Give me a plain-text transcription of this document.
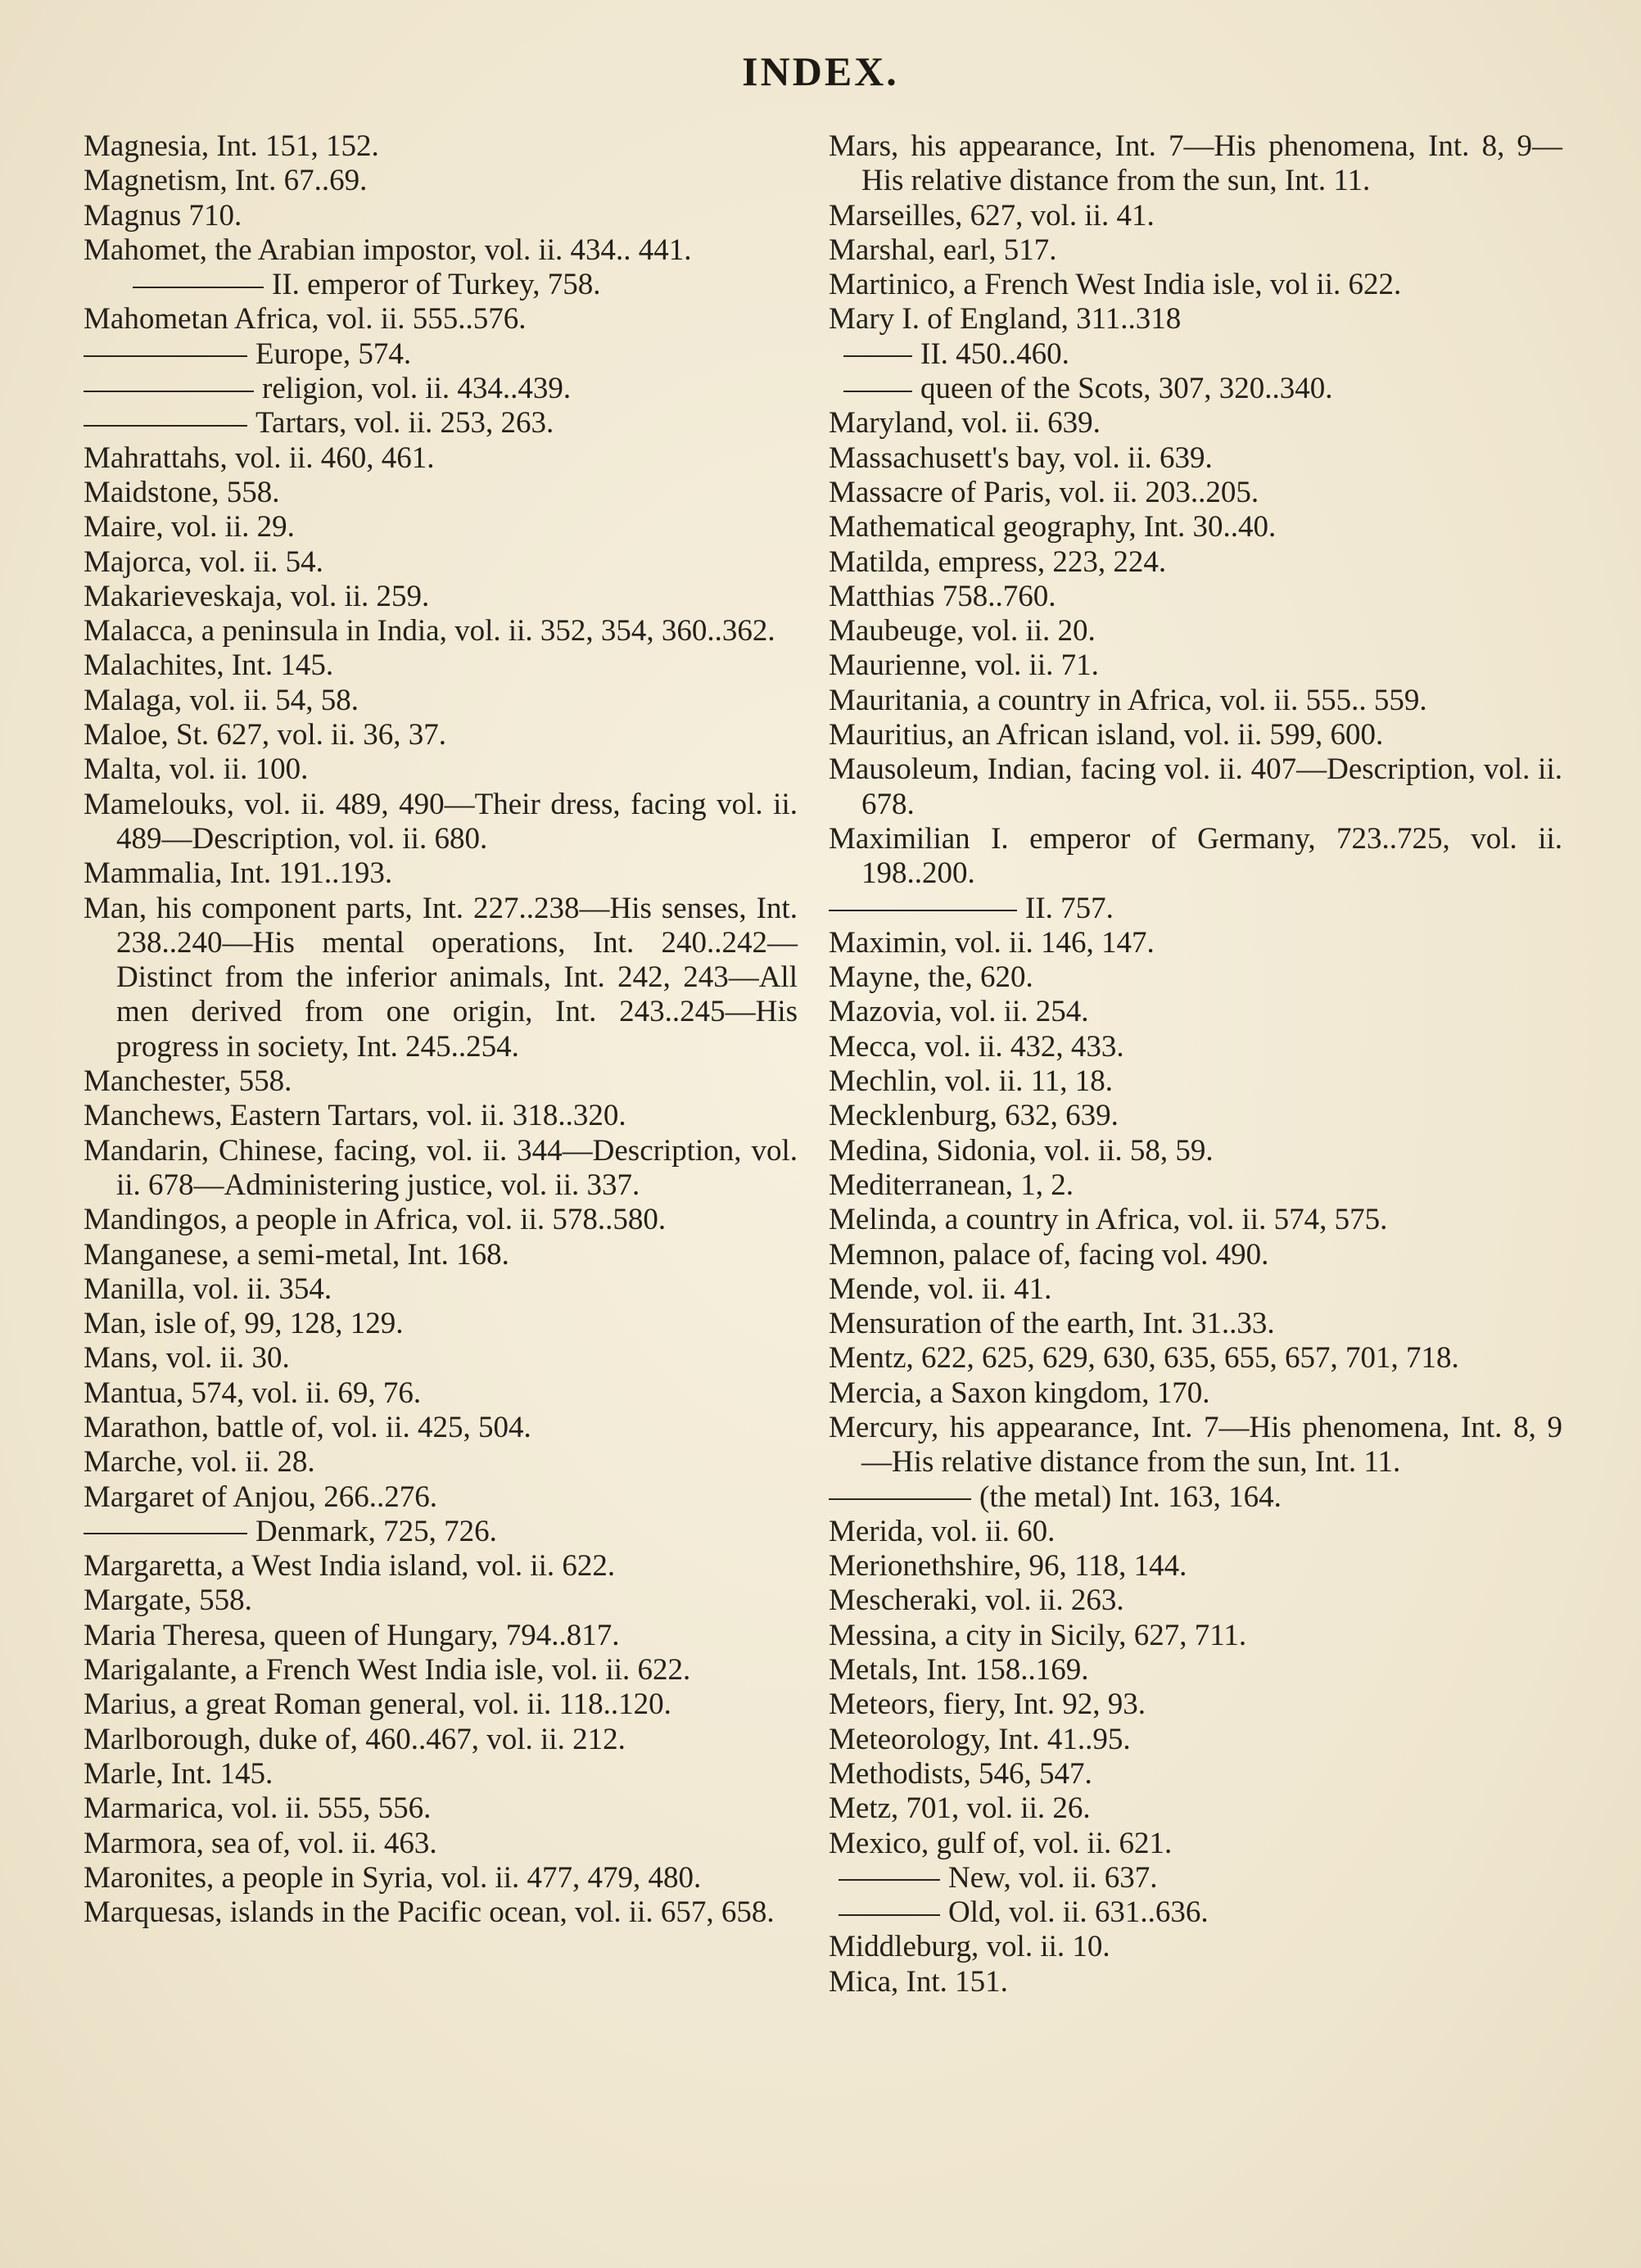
INDEX.
Magnesia, Int. 151, 152.
Magnetism, Int. 67..69.
Magnus 710.
Mahomet, the Arabian impostor, vol. ii. 434.. 441.
II. emperor of Turkey, 758.
Mahometan Africa, vol. ii. 555..576.
Europe, 574.
religion, vol. ii. 434..439.
Tartars, vol. ii. 253, 263.
Mahrattahs, vol. ii. 460, 461.
Maidstone, 558.
Maire, vol. ii. 29.
Majorca, vol. ii. 54.
Makarieveskaja, vol. ii. 259.
Malacca, a peninsula in India, vol. ii. 352, 354, 360..362.
Malachites, Int. 145.
Malaga, vol. ii. 54, 58.
Maloe, St. 627, vol. ii. 36, 37.
Malta, vol. ii. 100.
Mamelouks, vol. ii. 489, 490—Their dress, facing vol. ii. 489—Description, vol. ii. 680.
Mammalia, Int. 191..193.
Man, his component parts, Int. 227..238—His senses, Int. 238..240—His mental operations, Int. 240..242—Distinct from the inferior animals, Int. 242, 243—All men derived from one origin, Int. 243..245—His progress in society, Int. 245..254.
Manchester, 558.
Manchews, Eastern Tartars, vol. ii. 318..320.
Mandarin, Chinese, facing, vol. ii. 344—Description, vol. ii. 678—Administering justice, vol. ii. 337.
Mandingos, a people in Africa, vol. ii. 578..580.
Manganese, a semi-metal, Int. 168.
Manilla, vol. ii. 354.
Man, isle of, 99, 128, 129.
Mans, vol. ii. 30.
Mantua, 574, vol. ii. 69, 76.
Marathon, battle of, vol. ii. 425, 504.
Marche, vol. ii. 28.
Margaret of Anjou, 266..276.
Denmark, 725, 726.
Margaretta, a West India island, vol. ii. 622.
Margate, 558.
Maria Theresa, queen of Hungary, 794..817.
Marigalante, a French West India isle, vol. ii. 622.
Marius, a great Roman general, vol. ii. 118..120.
Marlborough, duke of, 460..467, vol. ii. 212.
Marle, Int. 145.
Marmarica, vol. ii. 555, 556.
Marmora, sea of, vol. ii. 463.
Maronites, a people in Syria, vol. ii. 477, 479, 480.
Marquesas, islands in the Pacific ocean, vol. ii. 657, 658.
Mars, his appearance, Int. 7—His phenomena, Int. 8, 9—His relative distance from the sun, Int. 11.
Marseilles, 627, vol. ii. 41.
Marshal, earl, 517.
Martinico, a French West India isle, vol ii. 622.
Mary I. of England, 311..318
II. 450..460.
queen of the Scots, 307, 320..340.
Maryland, vol. ii. 639.
Massachusett's bay, vol. ii. 639.
Massacre of Paris, vol. ii. 203..205.
Mathematical geography, Int. 30..40.
Matilda, empress, 223, 224.
Matthias 758..760.
Maubeuge, vol. ii. 20.
Maurienne, vol. ii. 71.
Mauritania, a country in Africa, vol. ii. 555.. 559.
Mauritius, an African island, vol. ii. 599, 600.
Mausoleum, Indian, facing vol. ii. 407—Description, vol. ii. 678.
Maximilian I. emperor of Germany, 723..725, vol. ii. 198..200.
II. 757.
Maximin, vol. ii. 146, 147.
Mayne, the, 620.
Mazovia, vol. ii. 254.
Mecca, vol. ii. 432, 433.
Mechlin, vol. ii. 11, 18.
Mecklenburg, 632, 639.
Medina, Sidonia, vol. ii. 58, 59.
Mediterranean, 1, 2.
Melinda, a country in Africa, vol. ii. 574, 575.
Memnon, palace of, facing vol. 490.
Mende, vol. ii. 41.
Mensuration of the earth, Int. 31..33.
Mentz, 622, 625, 629, 630, 635, 655, 657, 701, 718.
Mercia, a Saxon kingdom, 170.
Mercury, his appearance, Int. 7—His phenomena, Int. 8, 9—His relative distance from the sun, Int. 11.
(the metal) Int. 163, 164.
Merida, vol. ii. 60.
Merionethshire, 96, 118, 144.
Mescheraki, vol. ii. 263.
Messina, a city in Sicily, 627, 711.
Metals, Int. 158..169.
Meteors, fiery, Int. 92, 93.
Meteorology, Int. 41..95.
Methodists, 546, 547.
Metz, 701, vol. ii. 26.
Mexico, gulf of, vol. ii. 621.
New, vol. ii. 637.
Old, vol. ii. 631..636.
Middleburg, vol. ii. 10.
Mica, Int. 151.
